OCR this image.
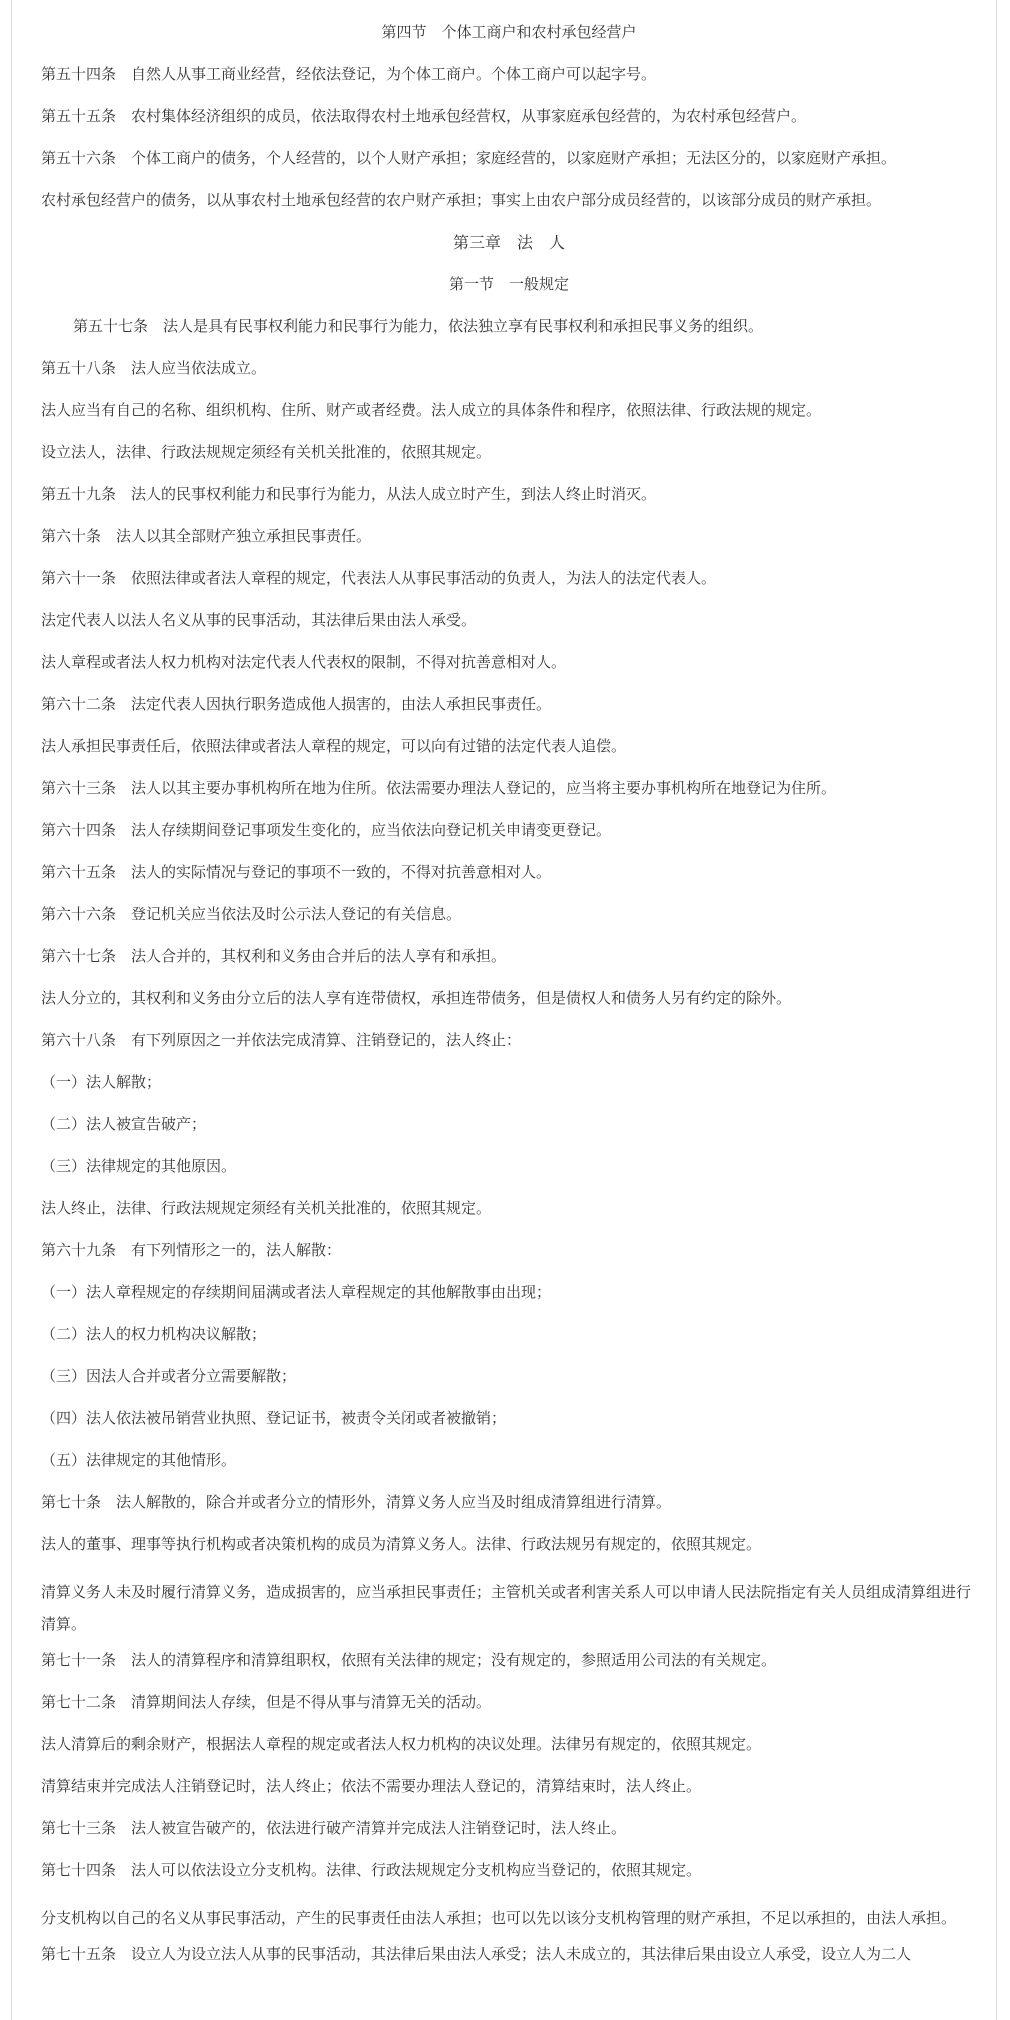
第四节　个体工商户和农村承包经营户

第五十四条　自然人从事工商业经营，经依法登记，为个体工商户。个体工商户可以起字号。

第五十五条　农村集体经济组织的成员，依法取得农村土地承包经营权，从事家庭承包经营的，为农村承包经营户。

第五十六条　个体工商户的债务，个人经营的，以个人财产承担；家庭经营的，以家庭财产承担；无法区分的，以家庭财产承担。

农村承包经营户的债务，以从事农村土地承包经营的农户财产承担；事实上由农户部分成员经营的，以该部分成员的财产承担。

第三章　法　人

第一节　一般规定

第五十七条　法人是具有民事权利能力和民事行为能力，依法独立享有民事权利和承担民事义务的组织。

第五十八条　法人应当依法成立。

法人应当有自己的名称、组织机构、住所、财产或者经费。法人成立的具体条件和程序，依照法律、行政法规的规定。

设立法人，法律、行政法规规定须经有关机关批准的，依照其规定。

第五十九条　法人的民事权利能力和民事行为能力，从法人成立时产生，到法人终止时消灭。

第六十条　法人以其全部财产独立承担民事责任。

第六十一条　依照法律或者法人章程的规定，代表法人从事民事活动的负责人，为法人的法定代表人。

法定代表人以法人名义从事的民事活动，其法律后果由法人承受。

法人章程或者法人权力机构对法定代表人代表权的限制，不得对抗善意相对人。

第六十二条　法定代表人因执行职务造成他人损害的，由法人承担民事责任。

法人承担民事责任后，依照法律或者法人章程的规定，可以向有过错的法定代表人追偿。

第六十三条　法人以其主要办事机构所在地为住所。依法需要办理法人登记的，应当将主要办事机构所在地登记为住所。

第六十四条　法人存续期间登记事项发生变化的，应当依法向登记机关申请变更登记。

第六十五条　法人的实际情况与登记的事项不一致的，不得对抗善意相对人。

第六十六条　登记机关应当依法及时公示法人登记的有关信息。

第六十七条　法人合并的，其权利和义务由合并后的法人享有和承担。

法人分立的，其权利和义务由分立后的法人享有连带债权，承担连带债务，但是债权人和债务人另有约定的除外。

第六十八条　有下列原因之一并依法完成清算、注销登记的，法人终止：

（一）法人解散；

（二）法人被宣告破产；

（三）法律规定的其他原因。

法人终止，法律、行政法规规定须经有关机关批准的，依照其规定。

第六十九条　有下列情形之一的，法人解散：

（一）法人章程规定的存续期间届满或者法人章程规定的其他解散事由出现；

（二）法人的权力机构决议解散；

（三）因法人合并或者分立需要解散；

（四）法人依法被吊销营业执照、登记证书，被责令关闭或者被撤销；

（五）法律规定的其他情形。

第七十条　法人解散的，除合并或者分立的情形外，清算义务人应当及时组成清算组进行清算。

法人的董事、理事等执行机构或者决策机构的成员为清算义务人。法律、行政法规另有规定的，依照其规定。

清算义务人未及时履行清算义务，造成损害的，应当承担民事责任；主管机关或者利害关系人可以申请人民法院指定有关人员组成清算组进行清算。

第七十一条　法人的清算程序和清算组职权，依照有关法律的规定；没有规定的，参照适用公司法的有关规定。

第七十二条　清算期间法人存续，但是不得从事与清算无关的活动。

法人清算后的剩余财产，根据法人章程的规定或者法人权力机构的决议处理。法律另有规定的，依照其规定。

清算结束并完成法人注销登记时，法人终止；依法不需要办理法人登记的，清算结束时，法人终止。

第七十三条　法人被宣告破产的，依法进行破产清算并完成法人注销登记时，法人终止。

第七十四条　法人可以依法设立分支机构。法律、行政法规规定分支机构应当登记的，依照其规定。

分支机构以自己的名义从事民事活动，产生的民事责任由法人承担；也可以先以该分支机构管理的财产承担，不足以承担的，由法人承担。

第七十五条　设立人为设立法人从事的民事活动，其法律后果由法人承受；法人未成立的，其法律后果由设立人承受，设立人为二人
